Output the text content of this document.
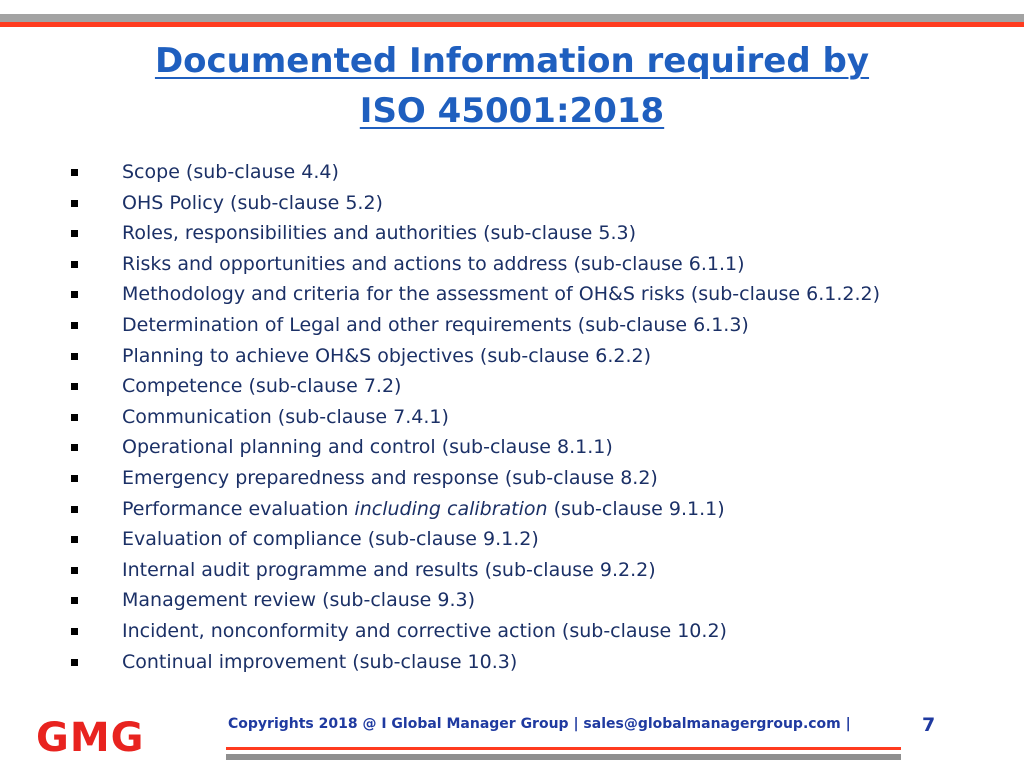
Documented Information required by
ISO 45001:2018
Scope (sub-clause 4.4)
OHS Policy (sub-clause 5.2)
Roles, responsibilities and authorities (sub-clause 5.3)
Risks and opportunities and actions to address (sub-clause 6.1.1)
Methodology and criteria for the assessment of OH&S risks (sub-clause 6.1.2.2)
Determination of Legal and other requirements (sub-clause 6.1.3)
Planning to achieve OH&S objectives (sub-clause 6.2.2)
Competence (sub-clause 7.2)
Communication (sub-clause 7.4.1)
Operational planning and control (sub-clause 8.1.1)
Emergency preparedness and response (sub-clause 8.2)
Performance evaluation including calibration (sub-clause 9.1.1)
Evaluation of compliance (sub-clause 9.1.2)
Internal audit programme and results (sub-clause 9.2.2)
Management review (sub-clause 9.3)
Incident, nonconformity and corrective action (sub-clause 10.2)
Continual improvement (sub-clause 10.3)
GMG	Copyrights 2018 @ I Global Manager Group | sales@globalmanagergroup.com |	7
